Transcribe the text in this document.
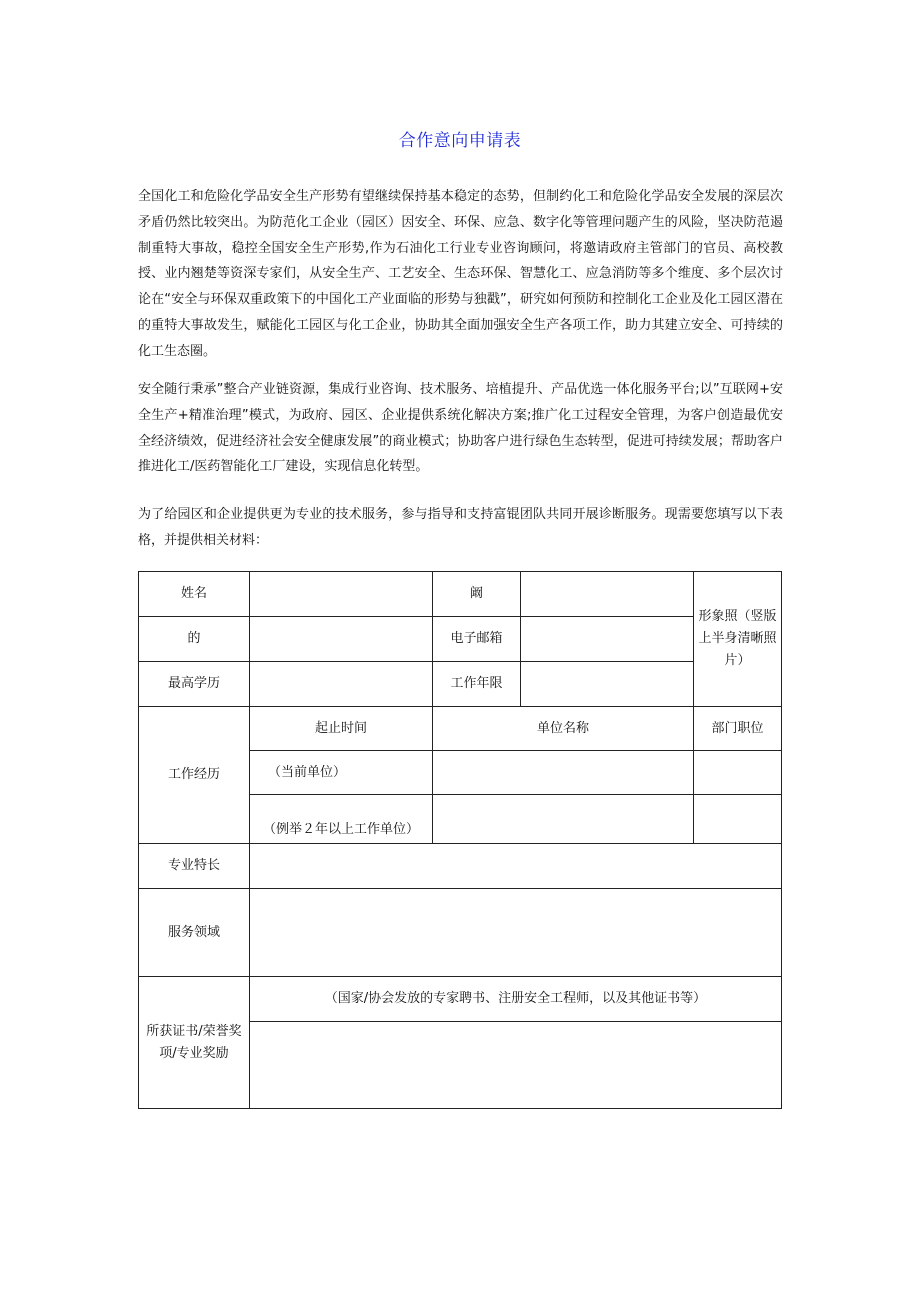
合作意向申请表

全国化工和危险化学品安全生产形势有望继续保持基本稳定的态势，但制约化工和危险化学品安全发展的深层次矛盾仍然比较突出。为防范化工企业（园区）因安全、环保、应急、数字化等管理问题产生的风险，坚决防范遏制重特大事故，稳控全国安全生产形势,作为石油化工行业专业咨询顾问，将邀请政府主管部门的官员、高校教授、业内翘楚等资深专家们，从安全生产、工艺安全、生态环保、智慧化工、应急消防等多个维度、多个层次讨论在“安全与环保双重政策下的中国化工产业面临的形势与独戳”，研究如何预防和控制化工企业及化工园区潜在的重特大事故发生，赋能化工园区与化工企业，协助其全面加强安全生产各项工作，助力其建立安全、可持续的化工生态圈。

安全随行秉承”整合产业链资源，集成行业咨询、技术服务、培植提升、产品优选一体化服务平台;以”互联网+安全生产+精准治理”模式，为政府、园区、企业提供系统化解决方案;推广化工过程安全管理，为客户创造最优安全经济绩效，促进经济社会安全健康发展”的商业模式；协助客户进行绿色生态转型，促进可持续发展；帮助客户推进化工/医药智能化工厂建设，实现信息化转型。

为了给园区和企业提供更为专业的技术服务，参与指导和支持富锟团队共同开展诊断服务。现需要您填写以下表格，并提供相关材料：

姓名		阚		形象照（竖版上半身清晰照片）
的		电子邮箱		
最高学历		工作年限		
工作经历	起止时间	单位名称		部门职位
	（当前单位）			
	（例举２年以上工作单位）			
专业特长				
服务领域				
所获证书/荣誉奖项/专业奖励	（国家/协会发放的专家聘书、注册安全工程师，以及其他证书等）			
